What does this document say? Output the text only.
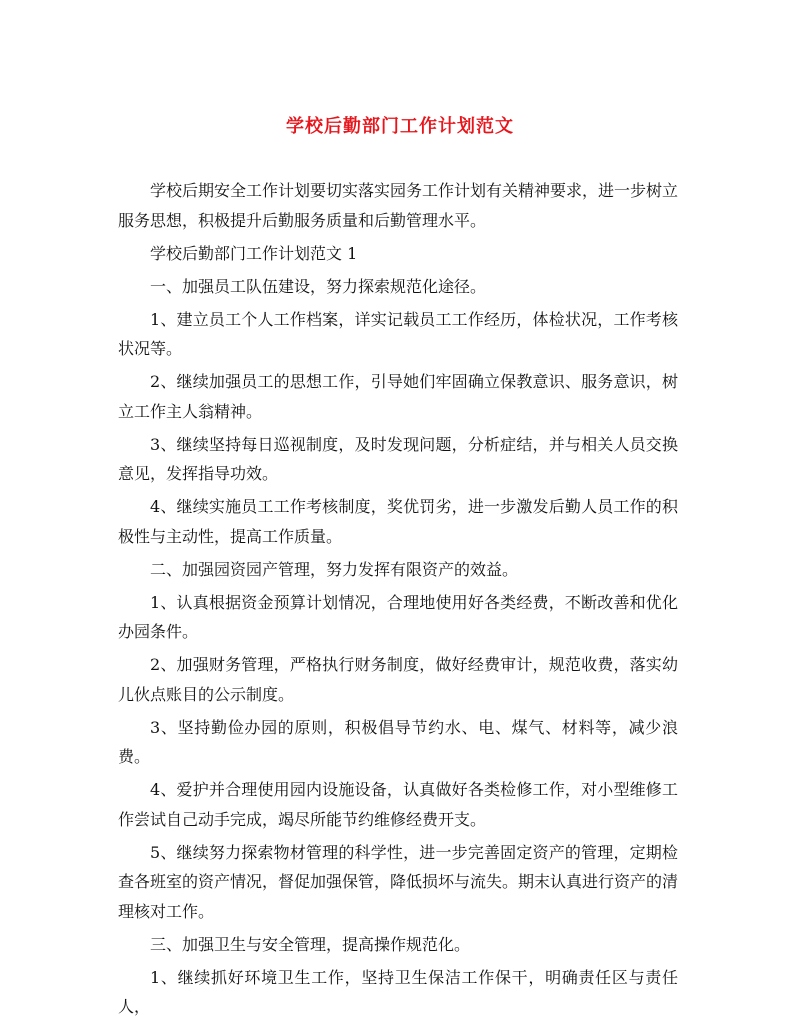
学校后勤部门工作计划范文

学校后期安全工作计划要切实落实园务工作计划有关精神要求，进一步树立服务思想，积极提升后勤服务质量和后勤管理水平。

学校后勤部门工作计划范文 1

一、加强员工队伍建设，努力探索规范化途径。

1、建立员工个人工作档案，详实记载员工工作经历，体检状况，工作考核状况等。

2、继续加强员工的思想工作，引导她们牢固确立保教意识、服务意识，树立工作主人翁精神。

3、继续坚持每日巡视制度，及时发现问题，分析症结，并与相关人员交换意见，发挥指导功效。

4、继续实施员工工作考核制度，奖优罚劣，进一步激发后勤人员工作的积极性与主动性，提高工作质量。

二、加强园资园产管理，努力发挥有限资产的效益。

1、认真根据资金预算计划情况，合理地使用好各类经费，不断改善和优化办园条件。

2、加强财务管理，严格执行财务制度，做好经费审计，规范收费，落实幼儿伙点账目的公示制度。

3、坚持勤俭办园的原则，积极倡导节约水、电、煤气、材料等，减少浪费。

4、爱护并合理使用园内设施设备，认真做好各类检修工作，对小型维修工作尝试自己动手完成，竭尽所能节约维修经费开支。

5、继续努力探索物材管理的科学性，进一步完善固定资产的管理，定期检查各班室的资产情况，督促加强保管，降低损坏与流失。期末认真进行资产的清理核对工作。

三、加强卫生与安全管理，提高操作规范化。

1、继续抓好环境卫生工作，坚持卫生保洁工作保干，明确责任区与责任人，
